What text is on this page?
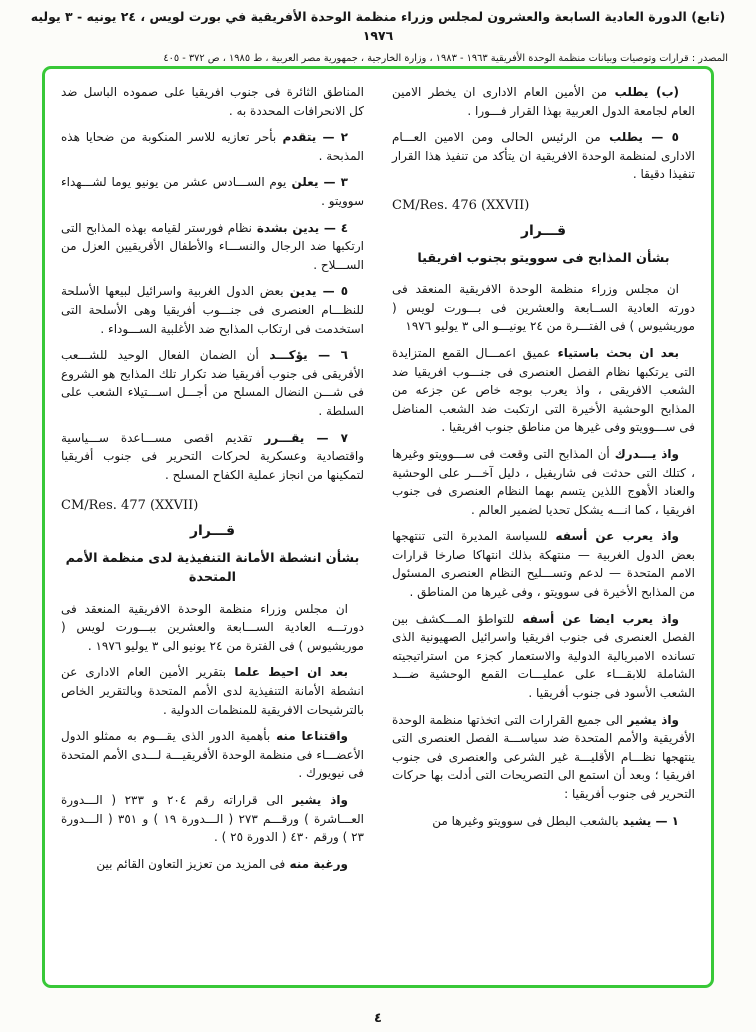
(تابع) الدورة العادية السابعة والعشرون لمجلس وزراء منظمة الوحدة الأفريقية في بورت لويس ، ٢٤ يونيه - ٣ يوليه ١٩٧٦
المصدر : قرارات وتوصيات وبيانات منظمة الوحدة الأفريقية ١٩٦٣ - ١٩٨٣ ، وزارة الخارجية ، جمهورية مصر العربية ، ط ١٩٨٥ ، ص ٣٧٢ - ٤٠٥
(ب) يطلب من الأمين العام الادارى ان يخطر الامين العام لجامعة الدول العربية بهذا القرار فـــورا .
٥ — يطلب من الرئيس الحالى ومن الامين العـــام الادارى لمنظمة الوحدة الافريقية ان يتأكد من تنفيذ هذا القرار تنفيذا دقيقا .
CM/Res. 476 (XXVII)
قـــرار
بشأن المذابح فى سوويتو بجنوب افريقيا
ان مجلس وزراء منظمة الوحدة الافريقية المنعقد فى دورته العادية الســابعة والعشرين فى بـــورت لويس ( موريشيوس ) فى الفتـــرة من ٢٤ يونيـــو الى ٣ يوليو ١٩٧٦
بعد ان بحث باستياء عميق اعمـــال القمع المتزايدة التى يرتكبها نظام الفصل العنصرى فى جنـــوب افريقيا ضد الشعب الافريقى ، واذ يعرب بوجه خاص عن جزعه من المذابح الوحشية الأخيرة التى ارتكبت ضد الشعب المناضل فى ســـوويتو وفى غيرها من مناطق جنوب افريقيا .
واذ يـــدرك أن المذابح التى وقعت فى ســـوويتو وغيرها ، كتلك التى حدثت فى شاريفيل ، دليل آخـــر على الوحشية والعناد الأهوج اللذين يتسم بهما النظام العنصرى فى جنوب افريقيا ، كما انـــه يشكل تحديا لضمير العالم .
واذ يعرب عن أسفه للسياسة المديرة التى تنتهجها بعض الدول الغربية — منتهكة بذلك انتهاكا صارخا قرارات الامم المتحدة — لدعم وتســـليح النظام العنصرى المسئول من المذابح الأخيرة فى سوويتو ، وفى غيرها من المناطق .
واذ يعرب ايضا عن أسفه للتواطؤ المـــكشف بين الفصل العنصرى فى جنوب افريقيا واسرائيل الصهيونية الذى تسانده الامبريالية الدولية والاستعمار كجزء من استراتيجيته الشاملة للابقـــاء على عمليـــات القمع الوحشية ضـــد الشعب الأسود فى جنوب أفريقيا .
واذ يشير الى جميع القرارات التى اتخذتها منظمة الوحدة الأفريقية والأمم المتحدة ضد سياســـة الفصل العنصرى التى ينتهجها نظـــام الأقليـــة غير الشرعى والعنصرى فى جنوب افريقيا ؛ وبعد أن استمع الى التصريحات التى أدلت بها حركات التحرير فى جنوب أفريقيا :
١ — يشيد بالشعب البطل فى سوويتو وغيرها من
المناطق الثائرة فى جنوب افريقيا على صموده الباسل ضد كل الانحرافات المحددة به .
٢ — يتقدم بأحر تعازيه للاسر المنكوبة من ضحايا هذه المذبحة .
٣ — يعلن يوم الســـادس عشر من يونيو يوما لشـــهداء سوويتو .
٤ — يدين بشدة نظام فورستر لقيامه بهذه المذابح التى ارتكبها ضد الرجال والنســـاء والأطفال الأفريقيين العزل من الســـلاح .
٥ — يدين بعض الدول الغربية واسرائيل لبيعها الأسلحة للنظـــام العنصرى فى جنـــوب أفريقيا وهى الأسلحة التى استخدمت فى ارتكاب المذابح ضد الأغلبية الســـوداء .
٦ — يؤكـــد أن الضمان الفعال الوحيد للشـــعب الأفريقى فى جنوب أفريقيا ضد تكرار تلك المذابح هو الشروع فى شـــن النضال المسلح من أجـــل اســـتيلاء الشعب على السلطة .
٧ — يقـــرر تقديم اقصى مســـاعدة ســـياسية واقتصادية وعسكرية لحركات التحرير فى جنوب أفريقيا لتمكينها من انجاز عملية الكفاح المسلح .
CM/Res. 477 (XXVII)
قـــرار
بشأن انشطة الأمانة التنفيذية لدى منظمة الأمم المتحدة
ان مجلس وزراء منظمة الوحدة الافريقية المنعقد فى دورتـــه العادية الســـابعة والعشرين ببـــورت لويس ( موريشيوس ) فى الفترة من ٢٤ يونيو الى ٣ يوليو ١٩٧٦ .
بعد ان احيط علما بتقرير الأمين العام الادارى عن انشطة الأمانة التنفيذية لدى الأمم المتحدة وبالتقرير الخاص بالترشيحات الافريقية للمنظمات الدولية .
واقتناعا منه بأهمية الدور الذى يقـــوم به ممثلو الدول الأعضـــاء فى منظمة الوحدة الأفريقيـــة لـــدى الأمم المتحدة فى نيويورك .
واذ يشير الى قراراته رقم ٢٠٤ و ٢٣٣ ( الـــدورة العـــاشرة ) ورقـــم ٢٧٣ ( الـــدورة ١٩ ) و ٣٥١ ( الـــدورة ٢٣ ) ورقم ٤٣٠ ( الدورة ٢٥ ) .
ورغبة منه فى المزيد من تعزيز التعاون القائم بين
٤
